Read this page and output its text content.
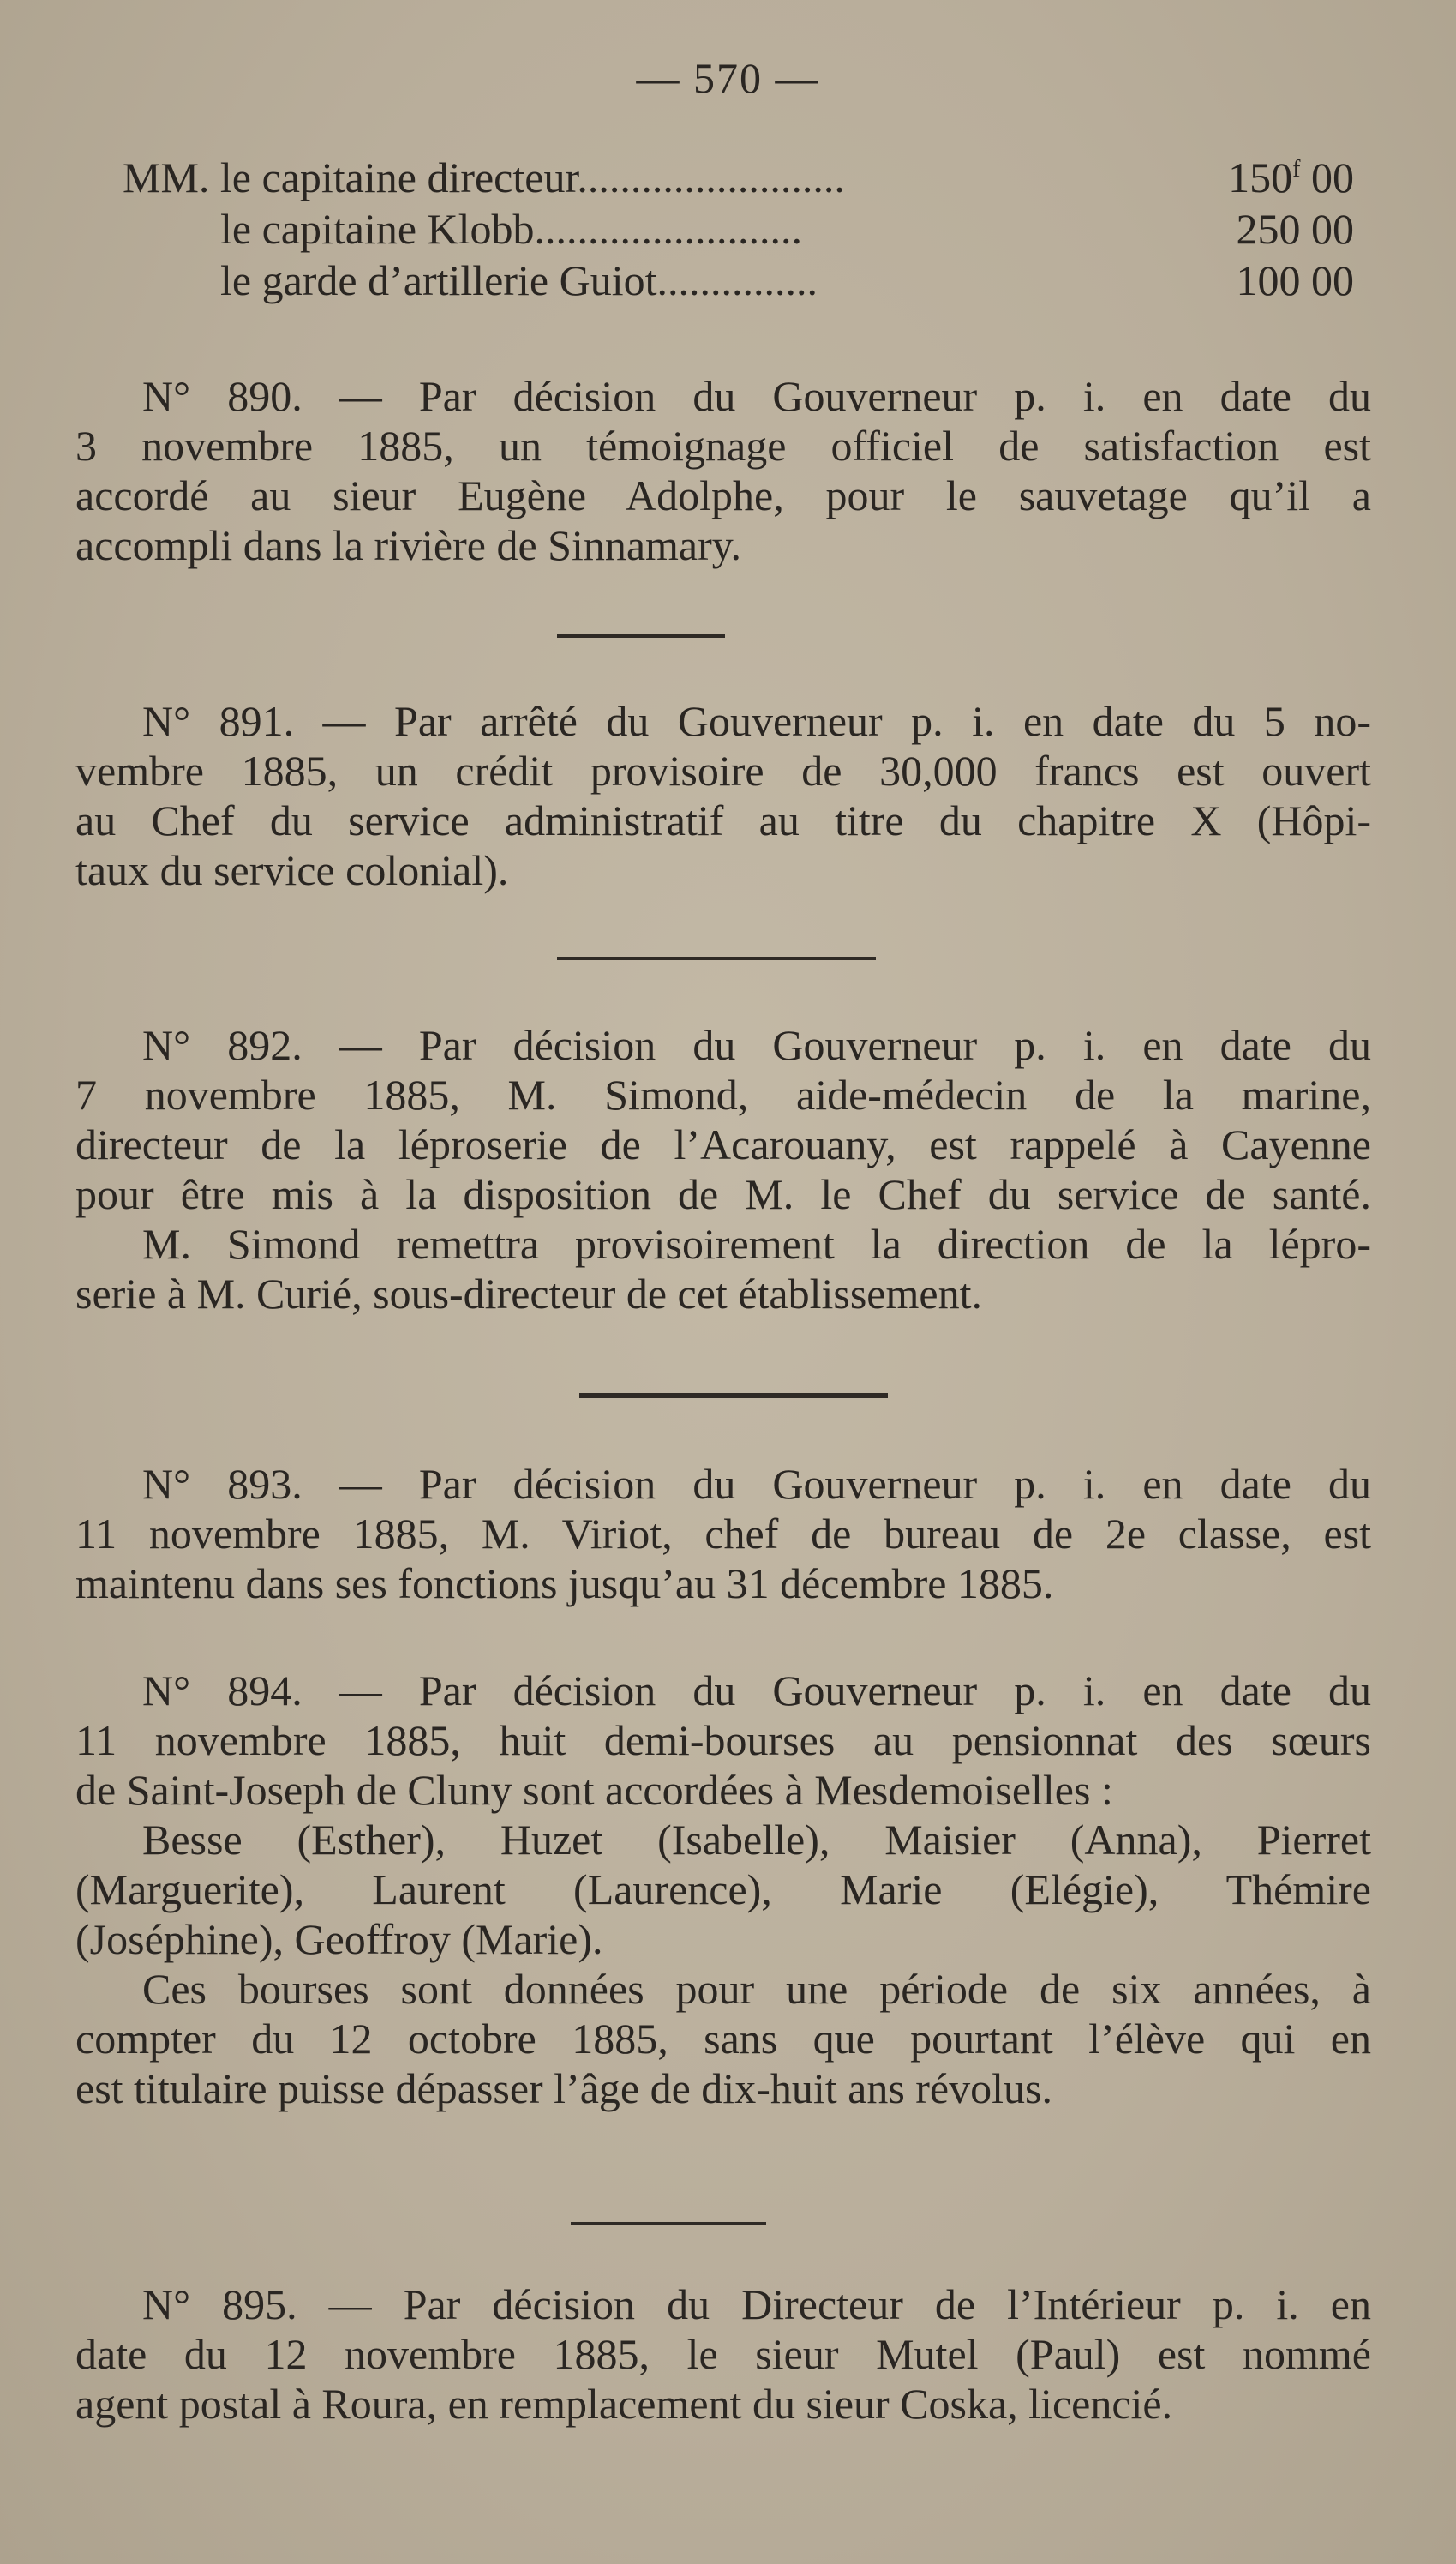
— 570 —
MM. le capitaine directeur.........................	150$^f$ 00
le capitaine Klobb.........................	250 00
le garde d’artillerie Guiot...............	100 00
N° 890. — Par décision du Gouverneur p. i. en date du
3 novembre 1885, un témoignage officiel de satisfaction est
accordé au sieur Eugène Adolphe, pour le sauvetage qu’il a
accompli dans la rivière de Sinnamary.
N° 891. — Par arrêté du Gouverneur p. i. en date du 5 no-
vembre 1885, un crédit provisoire de 30,000 francs est ouvert
au Chef du service administratif au titre du chapitre X (Hôpi-
taux du service colonial).
N° 892. — Par décision du Gouverneur p. i. en date du
7 novembre 1885, M. Simond, aide-médecin de la marine,
directeur de la léproserie de l’Acarouany, est rappelé à Cayenne
pour être mis à la disposition de M. le Chef du service de santé.
M. Simond remettra provisoirement la direction de la lépro-
serie à M. Curié, sous-directeur de cet établissement.
N° 893. — Par décision du Gouverneur p. i. en date du
11 novembre 1885, M. Viriot, chef de bureau de 2e classe, est
maintenu dans ses fonctions jusqu’au 31 décembre 1885.
N° 894. — Par décision du Gouverneur p. i. en date du
11 novembre 1885, huit demi-bourses au pensionnat des sœurs
de Saint-Joseph de Cluny sont accordées à Mesdemoiselles :
Besse (Esther), Huzet (Isabelle), Maisier (Anna), Pierret
(Marguerite), Laurent (Laurence), Marie (Elégie), Thémire
(Joséphine), Geoffroy (Marie).
Ces bourses sont données pour une période de six années, à
compter du 12 octobre 1885, sans que pourtant l’élève qui en
est titulaire puisse dépasser l’âge de dix-huit ans révolus.
N° 895. — Par décision du Directeur de l’Intérieur p. i. en
date du 12 novembre 1885, le sieur Mutel (Paul) est nommé
agent postal à Roura, en remplacement du sieur Coska, licencié.
